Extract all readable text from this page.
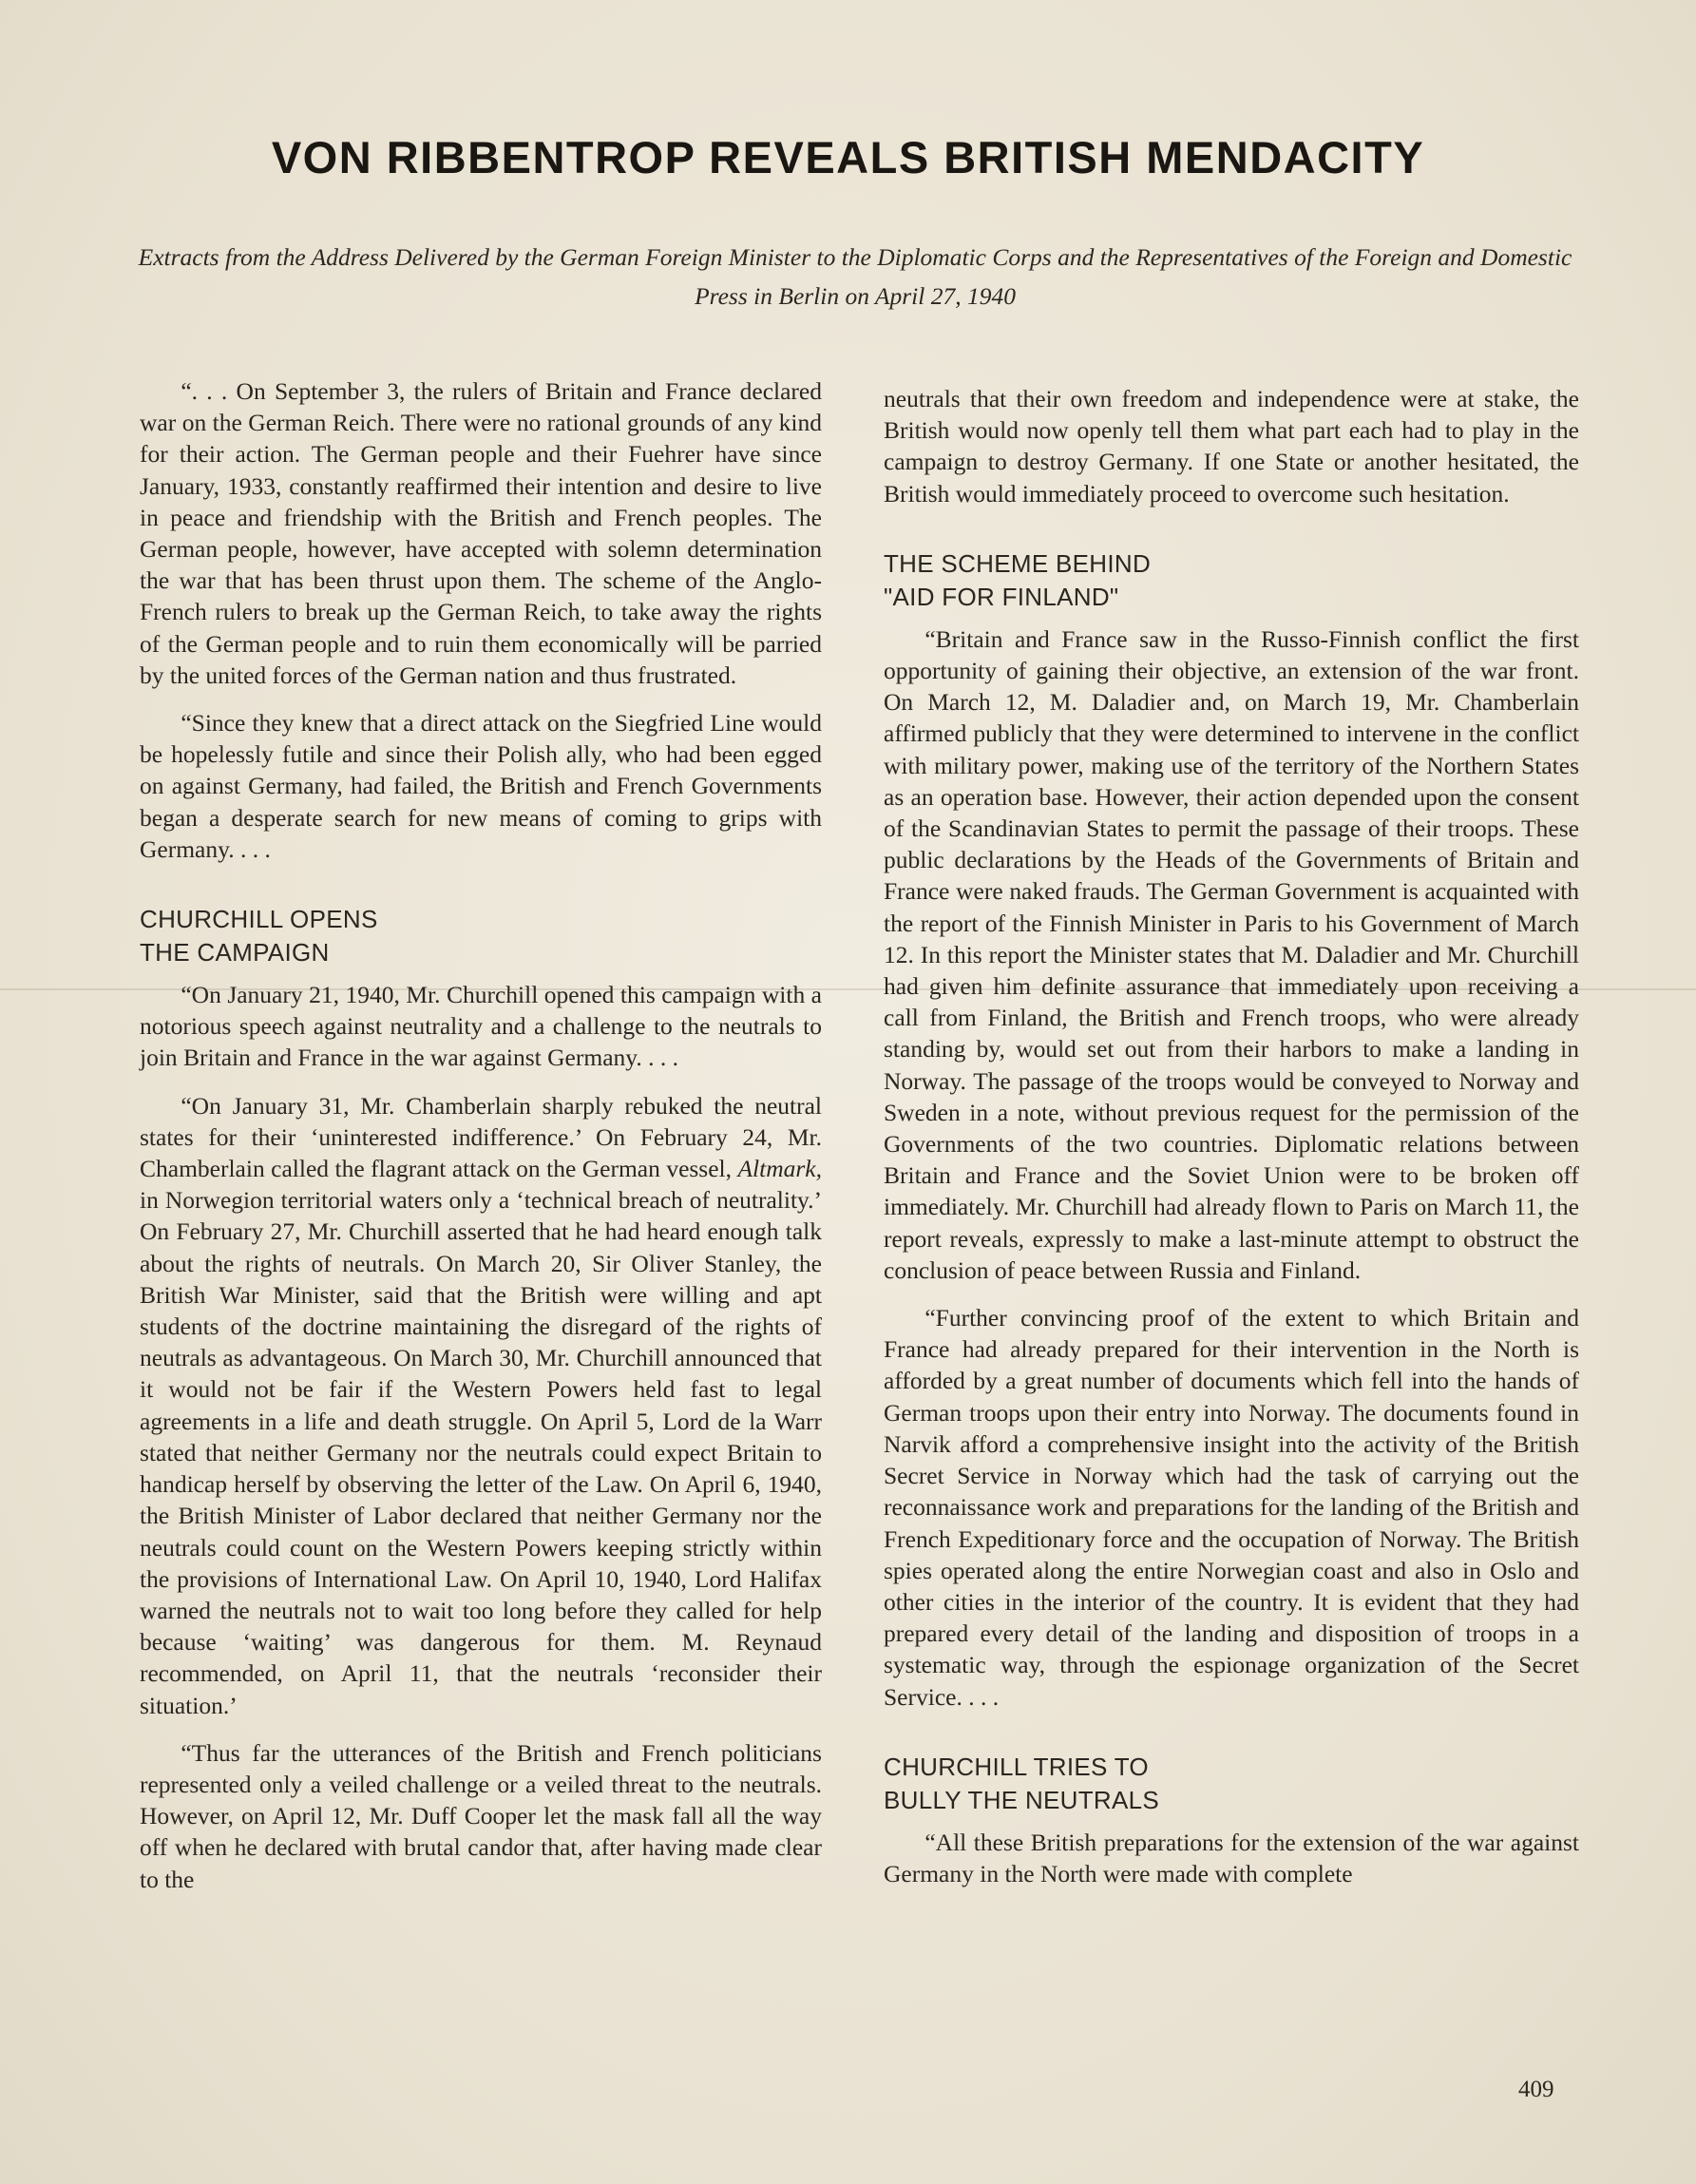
VON RIBBENTROP REVEALS BRITISH MENDACITY
Extracts from the Address Delivered by the German Foreign Minister to the Diplomatic Corps and the Representatives of the Foreign and Domestic Press in Berlin on April 27, 1940

“. . . On September 3, the rulers of Britain and France declared war on the German Reich. There were no rational grounds of any kind for their action. The German people and their Fuehrer have since January, 1933, constantly reaffirmed their intention and desire to live in peace and friendship with the British and French peoples. The German people, however, have accepted with solemn determination the war that has been thrust upon them. The scheme of the Anglo-French rulers to break up the German Reich, to take away the rights of the German people and to ruin them economically will be parried by the united forces of the German nation and thus frustrated.

“Since they knew that a direct attack on the Siegfried Line would be hopelessly futile and since their Polish ally, who had been egged on against Germany, had failed, the British and French Governments began a desperate search for new means of coming to grips with Germany. . . .

CHURCHILL OPENS
THE CAMPAIGN

“On January 21, 1940, Mr. Churchill opened this campaign with a notorious speech against neutrality and a challenge to the neutrals to join Britain and France in the war against Germany. . . .

“On January 31, Mr. Chamberlain sharply rebuked the neutral states for their ‘uninterested indifference.’ On February 24, Mr. Chamberlain called the flagrant attack on the German vessel, Altmark, in Norwegion territorial waters only a ‘technical breach of neutrality.’ On February 27, Mr. Churchill asserted that he had heard enough talk about the rights of neutrals. On March 20, Sir Oliver Stanley, the British War Minister, said that the British were willing and apt students of the doctrine maintaining the disregard of the rights of neutrals as advantageous. On March 30, Mr. Churchill announced that it would not be fair if the Western Powers held fast to legal agreements in a life and death struggle. On April 5, Lord de la Warr stated that neither Germany nor the neutrals could expect Britain to handicap herself by observing the letter of the Law. On April 6, 1940, the British Minister of Labor declared that neither Germany nor the neutrals could count on the Western Powers keeping strictly within the provisions of International Law. On April 10, 1940, Lord Halifax warned the neutrals not to wait too long before they called for help because ‘waiting’ was dangerous for them. M. Reynaud recommended, on April 11, that the neutrals ‘reconsider their situation.’

“Thus far the utterances of the British and French politicians represented only a veiled challenge or a veiled threat to the neutrals. However, on April 12, Mr. Duff Cooper let the mask fall all the way off when he declared with brutal candor that, after having made clear to the

neutrals that their own freedom and independence were at stake, the British would now openly tell them what part each had to play in the campaign to destroy Germany. If one State or another hesitated, the British would immediately proceed to overcome such hesitation.

THE SCHEME BEHIND
"AID FOR FINLAND"

“Britain and France saw in the Russo-Finnish conflict the first opportunity of gaining their objective, an extension of the war front. On March 12, M. Daladier and, on March 19, Mr. Chamberlain affirmed publicly that they were determined to intervene in the conflict with military power, making use of the territory of the Northern States as an operation base. However, their action depended upon the consent of the Scandinavian States to permit the passage of their troops. These public declarations by the Heads of the Governments of Britain and France were naked frauds. The German Government is acquainted with the report of the Finnish Minister in Paris to his Government of March 12. In this report the Minister states that M. Daladier and Mr. Churchill had given him definite assurance that immediately upon receiving a call from Finland, the British and French troops, who were already standing by, would set out from their harbors to make a landing in Norway. The passage of the troops would be conveyed to Norway and Sweden in a note, without previous request for the permission of the Governments of the two countries. Diplomatic relations between Britain and France and the Soviet Union were to be broken off immediately. Mr. Churchill had already flown to Paris on March 11, the report reveals, expressly to make a last-minute attempt to obstruct the conclusion of peace between Russia and Finland.

“Further convincing proof of the extent to which Britain and France had already prepared for their intervention in the North is afforded by a great number of documents which fell into the hands of German troops upon their entry into Norway. The documents found in Narvik afford a comprehensive insight into the activity of the British Secret Service in Norway which had the task of carrying out the reconnaissance work and preparations for the landing of the British and French Expeditionary force and the occupation of Norway. The British spies operated along the entire Norwegian coast and also in Oslo and other cities in the interior of the country. It is evident that they had prepared every detail of the landing and disposition of troops in a systematic way, through the espionage organization of the Secret Service. . . .

CHURCHILL TRIES TO
BULLY THE NEUTRALS

“All these British preparations for the extension of the war against Germany in the North were made with complete

409
